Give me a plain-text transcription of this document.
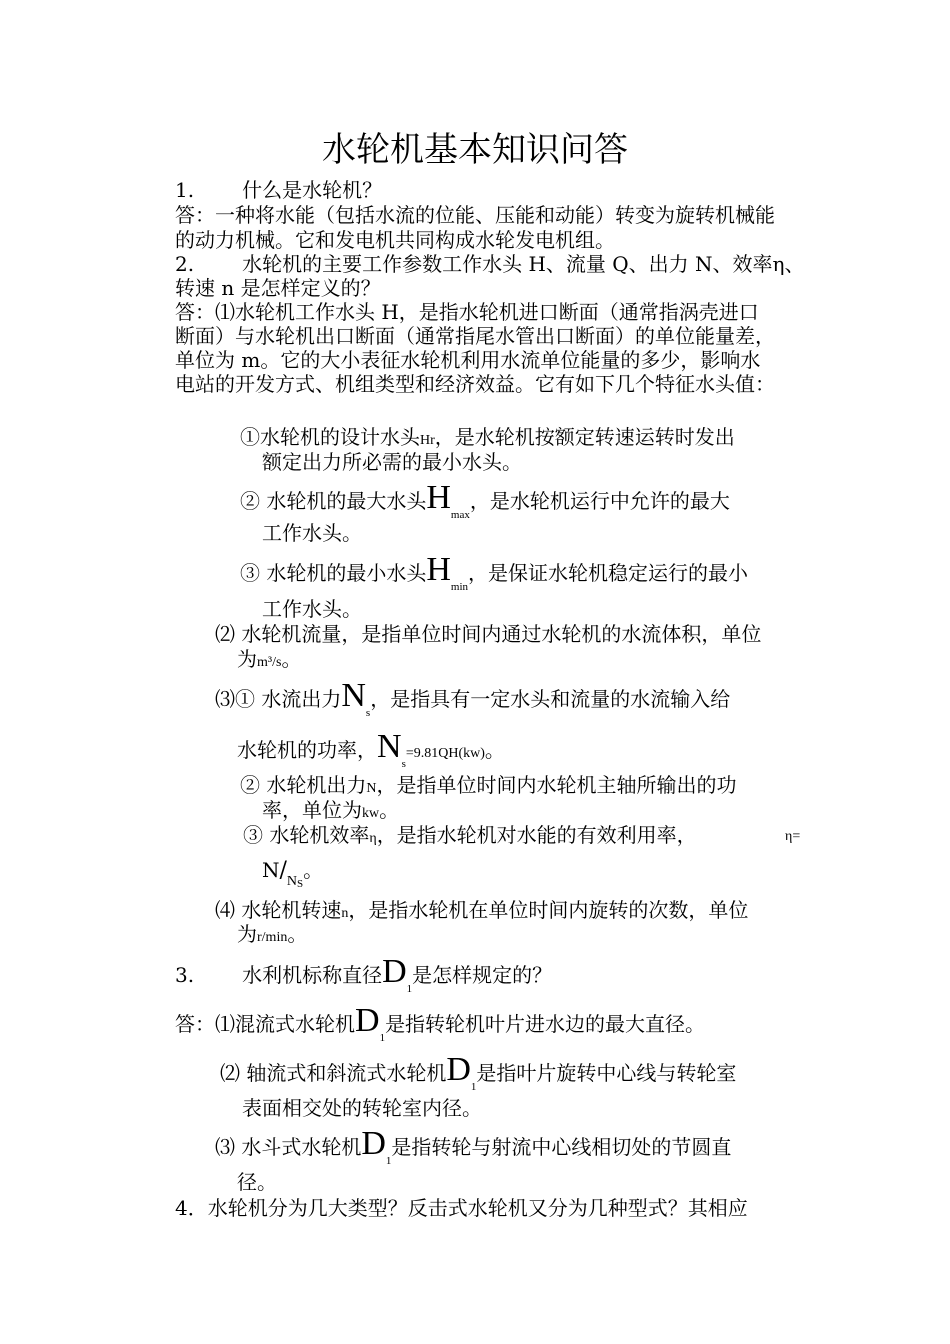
水轮机基本知识问答
1. 什么是水轮机？
答：一种将水能（包括水流的位能、压能和动能）转变为旋转机械能
的动力机械。它和发电机共同构成水轮发电机组。
2. 水轮机的主要工作参数工作水头 H、流量 Q、出力 N、效率η、
转速 n 是怎样定义的？
答：⑴水轮机工作水头 H，是指水轮机进口断面（通常指涡壳进口
断面）与水轮机出口断面（通常指尾水管出口断面）的单位能量差，
单位为 m。它的大小表征水轮机利用水流单位能量的多少，影响水
电站的开发方式、机组类型和经济效益。它有如下几个特征水头值：
①水轮机的设计水头Hr，是水轮机按额定转速运转时发出
额定出力所必需的最小水头。
② 水轮机的最大水头$H_{max}$，是水轮机运行中允许的最大
工作水头。
③ 水轮机的最小水头$H_{min}$，是保证水轮机稳定运行的最小
工作水头。
⑵ 水轮机流量，是指单位时间内通过水轮机的水流体积，单位
为m³/s。
⑶① 水流出力$N_s$，是指具有一定水头和流量的水流输入给
水轮机的功率，$N_s=9.81QH(kw)$。
② 水轮机出力N，是指单位时间内水轮机主轴所输出的功
率，单位为kw。
③ 水轮机效率η，是指水轮机对水能的有效利用率，	η=
$N/_{NS}$。
⑷ 水轮机转速n，是指水轮机在单位时间内旋转的次数，单位
为r/min。
3. 水利机标称直径$D_1$是怎样规定的？
答：⑴混流式水轮机$D_1$是指转轮机叶片进水边的最大直径。
⑵ 轴流式和斜流式水轮机$D_1$是指叶片旋转中心线与转轮室
表面相交处的转轮室内径。
⑶ 水斗式水轮机$D_1$是指转轮与射流中心线相切处的节圆直
径。
4．水轮机分为几大类型？反击式水轮机又分为几种型式？其相应
